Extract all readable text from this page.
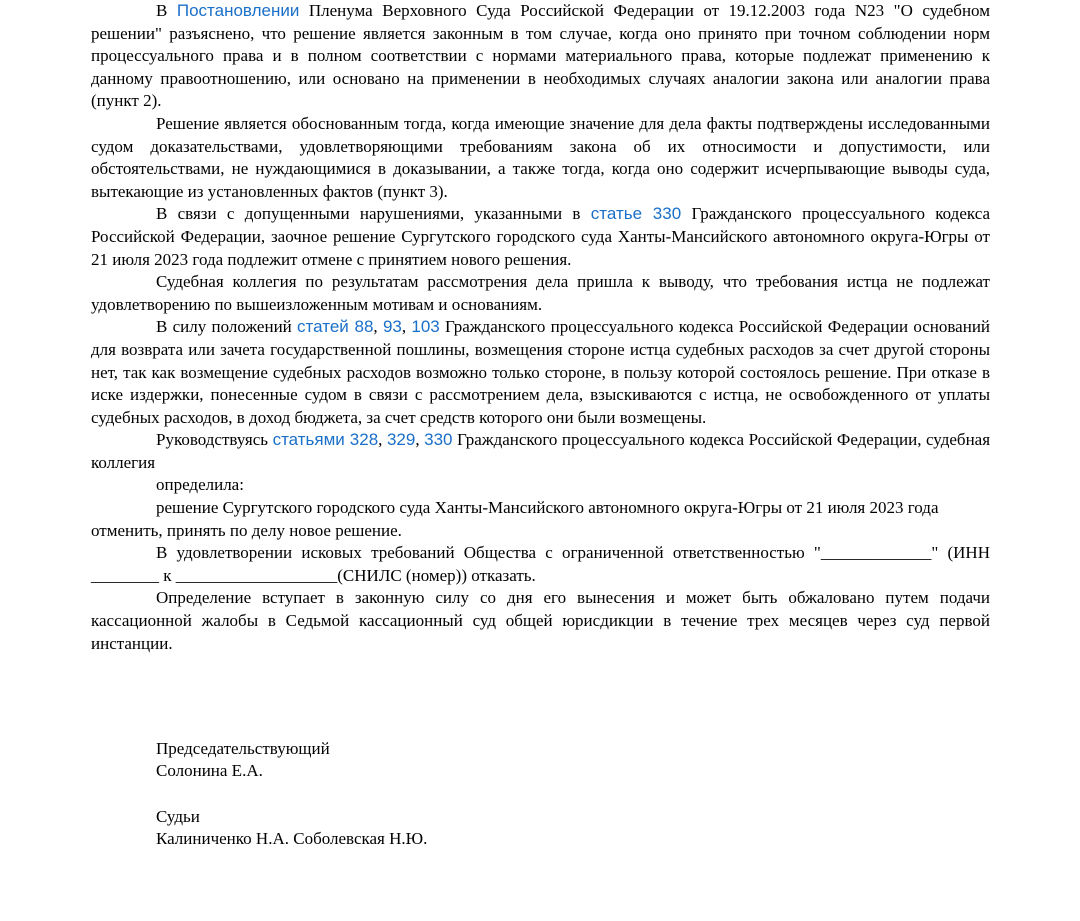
В Постановлении Пленума Верховного Суда Российской Федерации от 19.12.2003 года N23 "О судебном решении" разъяснено, что решение является законным в том случае, когда оно принято при точном соблюдении норм процессуального права и в полном соответствии с нормами материального права, которые подлежат применению к данному правоотношению, или основано на применении в необходимых случаях аналогии закона или аналогии права (пункт 2).

Решение является обоснованным тогда, когда имеющие значение для дела факты подтверждены исследованными судом доказательствами, удовлетворяющими требованиям закона об их относимости и допустимости, или обстоятельствами, не нуждающимися в доказывании, а также тогда, когда оно содержит исчерпывающие выводы суда, вытекающие из установленных фактов (пункт 3).

В связи с допущенными нарушениями, указанными в статье 330 Гражданского процессуального кодекса Российской Федерации, заочное решение Сургутского городского суда Ханты-Мансийского автономного округа-Югры от 21 июля 2023 года подлежит отмене с принятием нового решения.

Судебная коллегия по результатам рассмотрения дела пришла к выводу, что требования истца не подлежат удовлетворению по вышеизложенным мотивам и основаниям.

В силу положений статей 88, 93, 103 Гражданского процессуального кодекса Российской Федерации оснований для возврата или зачета государственной пошлины, возмещения стороне истца судебных расходов за счет другой стороны нет, так как возмещение судебных расходов возможно только стороне, в пользу которой состоялось решение. При отказе в иске издержки, понесенные судом в связи с рассмотрением дела, взыскиваются с истца, не освобожденного от уплаты судебных расходов, в доход бюджета, за счет средств которого они были возмещены.

Руководствуясь статьями 328, 329, 330 Гражданского процессуального кодекса Российской Федерации, судебная коллегия

определила:

решение Сургутского городского суда Ханты-Мансийского автономного округа-Югры от 21 июля 2023 года отменить, принять по делу новое решение.

В удовлетворении исковых требований Общества с ограниченной ответственностью "_____________" (ИНН ________ к ___________________(СНИЛС (номер)) отказать.

Определение вступает в законную силу со дня его вынесения и может быть обжаловано путем подачи кассационной жалобы в Седьмой кассационный суд общей юрисдикции в течение трех месяцев через суд первой инстанции.

Председательствующий

Солонина Е.А.

Судьи

Калиниченко Н.А. Соболевская Н.Ю.
